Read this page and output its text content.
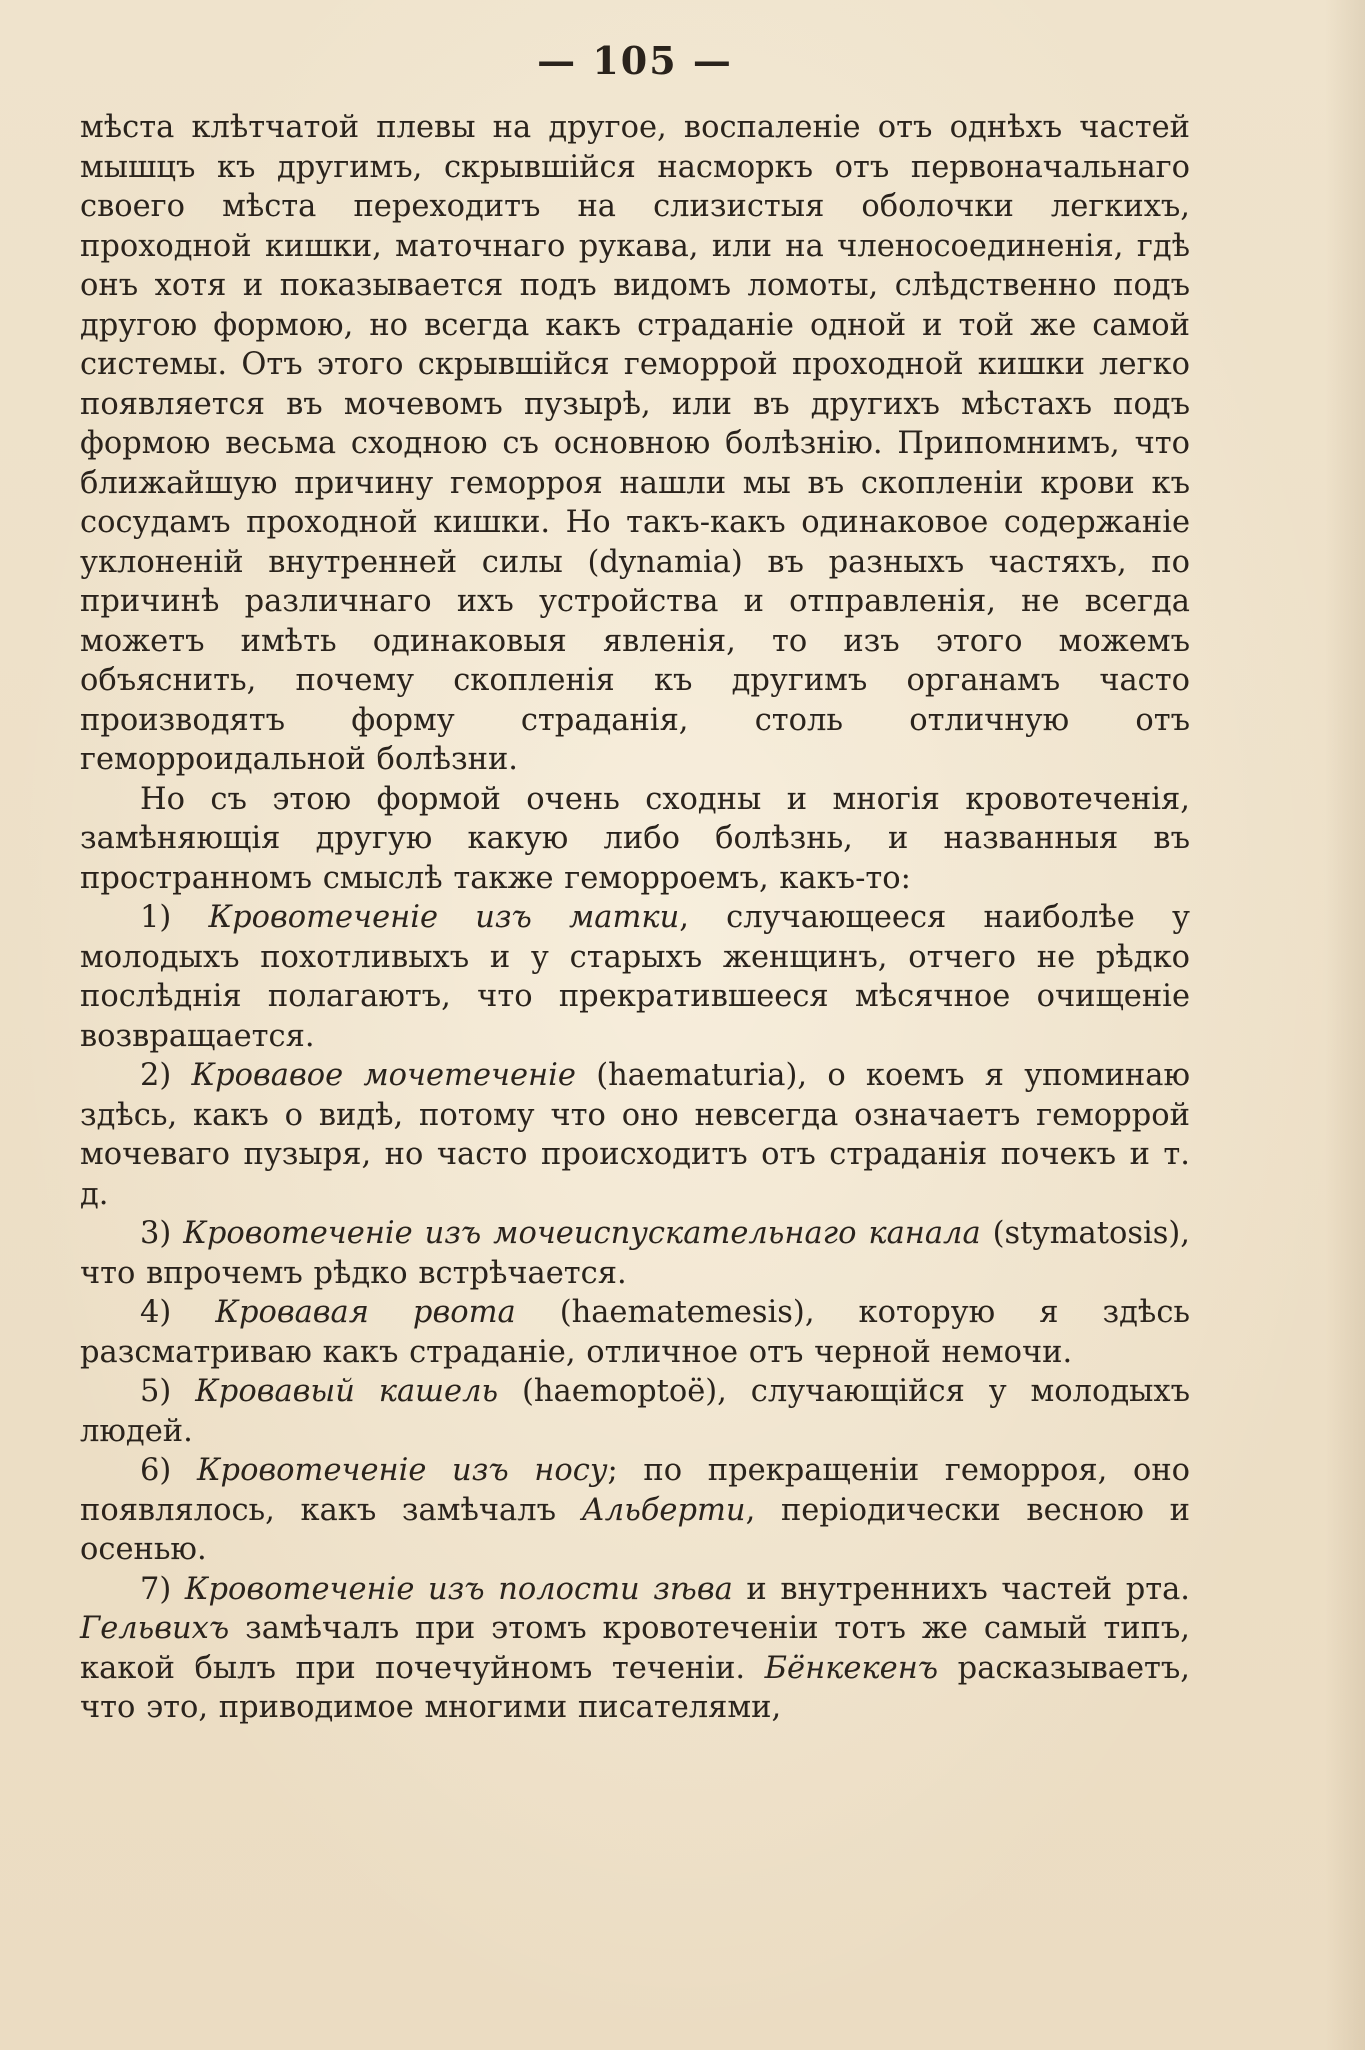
— 105 —

мѣста клѣтчатой плевы на другое, воспаленіе отъ однѣхъ частей мышцъ къ другимъ, скрывшійся насморкъ отъ первоначальнаго своего мѣста переходитъ на слизистыя оболочки легкихъ, проходной кишки, маточнаго рукава, или на членосоединенія, гдѣ онъ хотя и показывается подъ видомъ ломоты, слѣдственно подъ другою формою, но всегда какъ страданіе одной и той же самой системы. Отъ этого скрывшійся геморрой проходной кишки легко появляется въ мочевомъ пузырѣ, или въ другихъ мѣстахъ подъ формою весьма сходною съ основною болѣзнію. Припомнимъ, что ближайшую причину геморроя нашли мы въ скопленіи крови къ сосудамъ проходной кишки. Но такъ-какъ одинаковое содержаніе уклоненій внутренней силы (dynamia) въ разныхъ частяхъ, по причинѣ различнаго ихъ устройства и отправленія, не всегда можетъ имѣть одинаковыя явленія, то изъ этого можемъ объяснить, почему скопленія къ другимъ органамъ часто производятъ форму страданія, столь отличную отъ геморроидальной болѣзни.

Но съ этою формой очень сходны и многія кровотеченія, замѣняющія другую какую либо болѣзнь, и названныя въ пространномъ смыслѣ также геморроемъ, какъ-то:

1) Кровотеченіе изъ матки, случающееся наиболѣе у молодыхъ похотливыхъ и у старыхъ женщинъ, отчего не рѣдко послѣднія полагаютъ, что прекратившееся мѣсячное очищеніе возвращается.

2) Кровавое мочетеченіе (haematuria), о коемъ я упоминаю здѣсь, какъ о видѣ, потому что оно невсегда означаетъ геморрой мочеваго пузыря, но часто происходитъ отъ страданія почекъ и т. д.

3) Кровотеченіе изъ мочеиспускательнаго канала (stymatosis), что впрочемъ рѣдко встрѣчается.

4) Кровавая рвота (haematemesis), которую я здѣсь разсматриваю какъ страданіе, отличное отъ черной немочи.

5) Кровавый кашель (haemoptoë), случающійся у молодыхъ людей.

6) Кровотеченіе изъ носу; по прекращеніи геморроя, оно появлялось, какъ замѣчалъ Альберти, періодически весною и осенью.

7) Кровотеченіе изъ полости зѣва и внутреннихъ частей рта. Гельвихъ замѣчалъ при этомъ кровотеченіи тотъ же самый типъ, какой былъ при почечуйномъ теченіи. Бёнкекенъ расказываетъ, что это, приводимое многими писателями,
